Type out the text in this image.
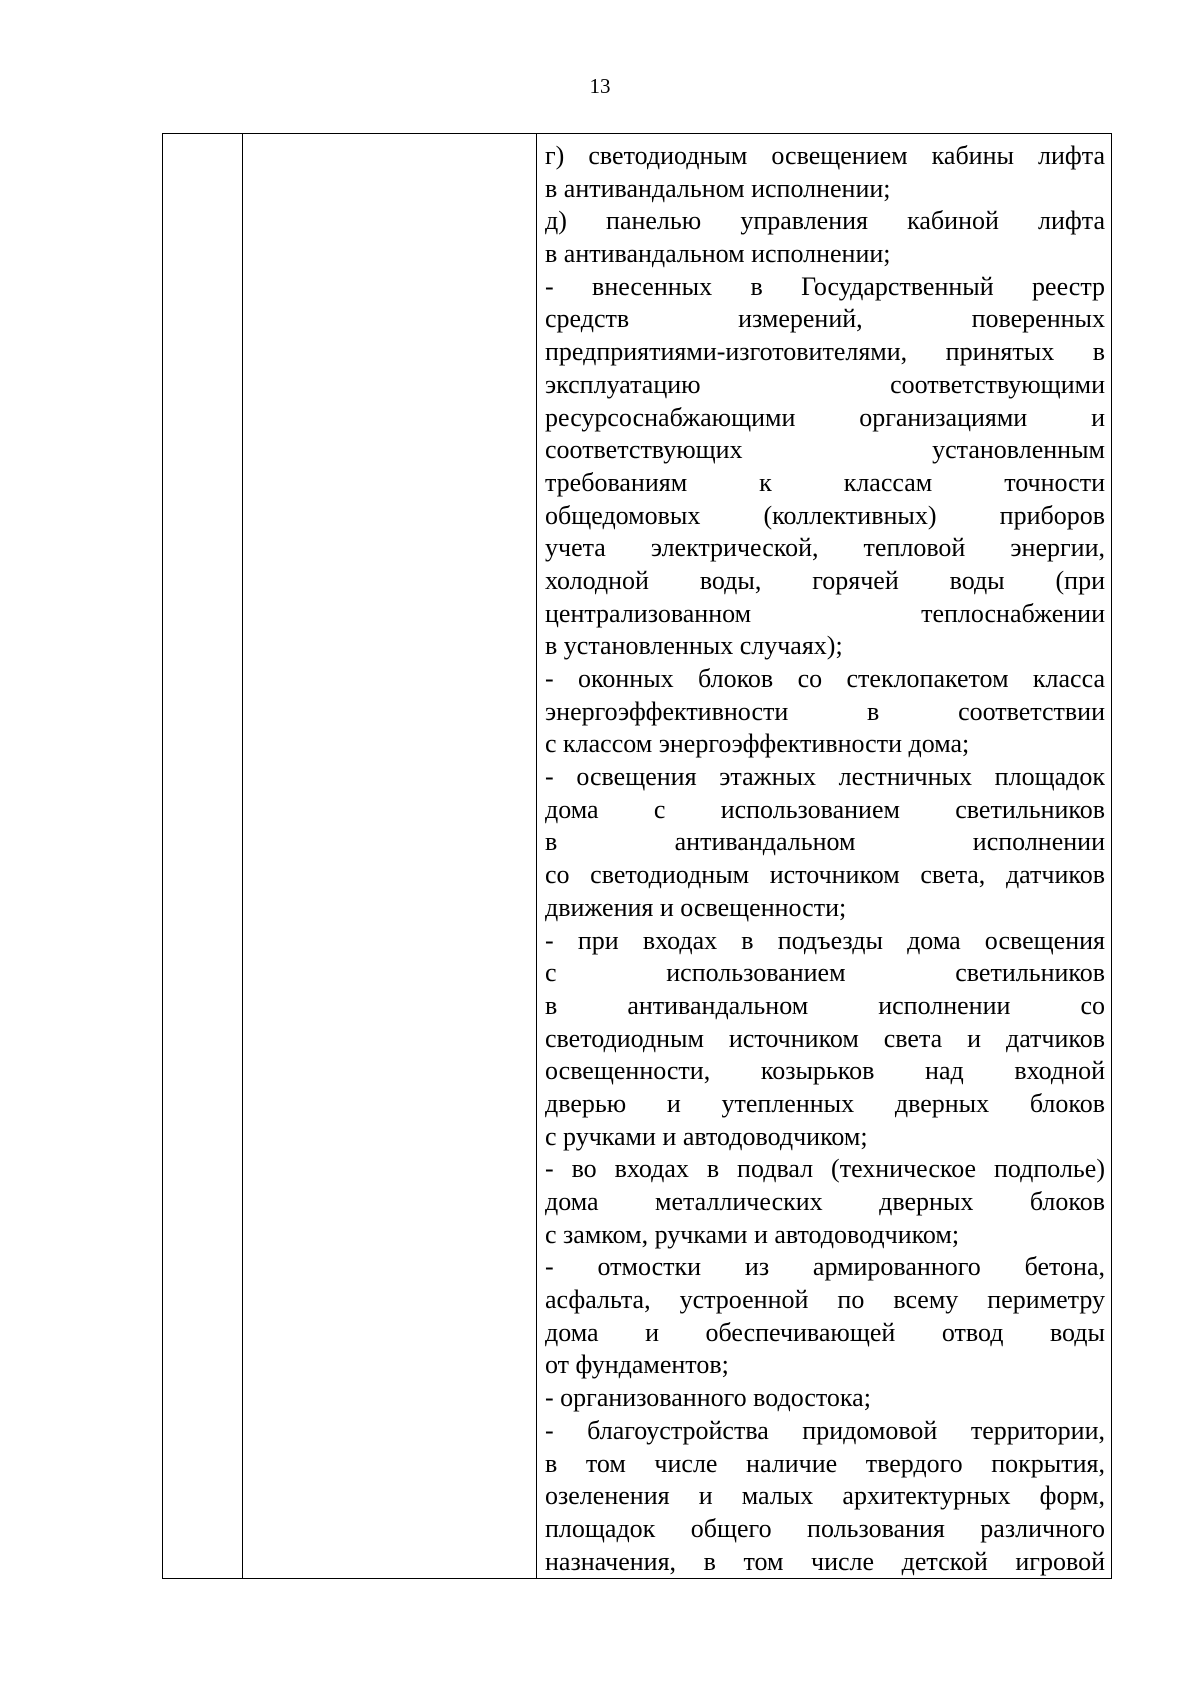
13

г) светодиодным освещением кабины лифта
в антивандальном исполнении;
д) панелью управления кабиной лифта
в антивандальном исполнении;
- внесенных в Государственный реестр
средств измерений, поверенных
предприятиями-изготовителями, принятых в
эксплуатацию соответствующими
ресурсоснабжающими организациями и
соответствующих установленным
требованиям к классам точности
общедомовых (коллективных) приборов
учета электрической, тепловой энергии,
холодной воды, горячей воды (при
централизованном теплоснабжении
в установленных случаях);
- оконных блоков со стеклопакетом класса
энергоэффективности в соответствии
с классом энергоэффективности дома;
- освещения этажных лестничных площадок
дома с использованием светильников
в антивандальном исполнении
со светодиодным источником света, датчиков
движения и освещенности;
- при входах в подъезды дома освещения
с использованием светильников
в антивандальном исполнении со
светодиодным источником света и датчиков
освещенности, козырьков над входной
дверью и утепленных дверных блоков
с ручками и автодоводчиком;
- во входах в подвал (техническое подполье)
дома металлических дверных блоков
с замком, ручками и автодоводчиком;
- отмостки из армированного бетона,
асфальта, устроенной по всему периметру
дома и обеспечивающей отвод воды
от фундаментов;
- организованного водостока;
- благоустройства придомовой территории,
в том числе наличие твердого покрытия,
озеленения и малых архитектурных форм,
площадок общего пользования различного
назначения, в том числе детской игровой
